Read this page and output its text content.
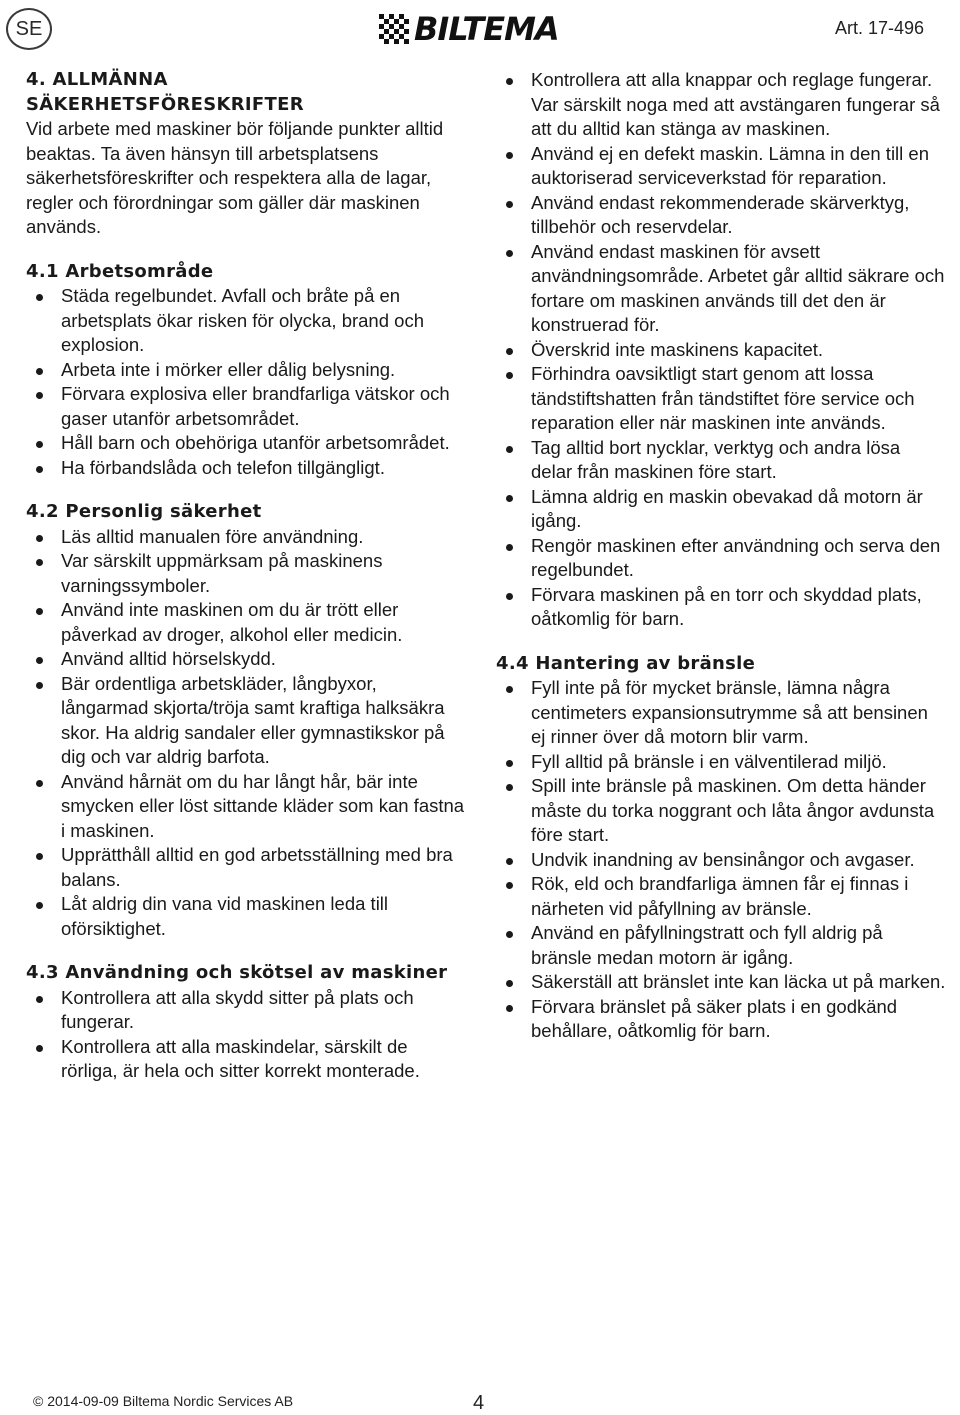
SE	BILTEMA	Art. 17-496
4. ALLMÄNNA
SÄKERHETSFÖRESKRIFTER

Vid arbete med maskiner bör följande punkter alltid beaktas. Ta även hänsyn till arbetsplatsens säkerhetsföreskrifter och respektera alla de lagar, regler och förordningar som gäller där maskinen används.

4.1 Arbetsområde
Städa regelbundet. Avfall och bråte på en arbetsplats ökar risken för olycka, brand och explosion.
Arbeta inte i mörker eller dålig belysning.
Förvara explosiva eller brandfarliga vätskor och gaser utanför arbetsområdet.
Håll barn och obehöriga utanför arbetsområdet.
Ha förbandslåda och telefon tillgängligt.
4.2 Personlig säkerhet
Läs alltid manualen före användning.
Var särskilt uppmärksam på maskinens varningssymboler.
Använd inte maskinen om du är trött eller påverkad av droger, alkohol eller medicin.
Använd alltid hörselskydd.
Bär ordentliga arbetskläder, långbyxor, långarmad skjorta/tröja samt kraftiga halksäkra skor. Ha aldrig sandaler eller gymnastikskor på dig och var aldrig barfota.
Använd hårnät om du har långt hår, bär inte smycken eller löst sittande kläder som kan fastna i maskinen.
Upprätthåll alltid en god arbetsställning med bra balans.
Låt aldrig din vana vid maskinen leda till oförsiktighet.
4.3 Användning och skötsel av maskiner
Kontrollera att alla skydd sitter på plats och fungerar.
Kontrollera att alla maskindelar, särskilt de rörliga, är hela och sitter korrekt monterade.
Kontrollera att alla knappar och reglage fungerar. Var särskilt noga med att avstängaren fungerar så att du alltid kan stänga av maskinen.
Använd ej en defekt maskin. Lämna in den till en auktoriserad serviceverkstad för reparation.
Använd endast rekommenderade skärverktyg, tillbehör och reservdelar.
Använd endast maskinen för avsett användningsområde. Arbetet går alltid säkrare och fortare om maskinen används till det den är konstruerad för.
Överskrid inte maskinens kapacitet.
Förhindra oavsiktligt start genom att lossa tändstiftshatten från tändstiftet före service och reparation eller när maskinen inte används.
Tag alltid bort nycklar, verktyg och andra lösa delar från maskinen före start.
Lämna aldrig en maskin obevakad då motorn är igång.
Rengör maskinen efter användning och serva den regelbundet.
Förvara maskinen på en torr och skyddad plats, oåtkomlig för barn.
4.4 Hantering av bränsle
Fyll inte på för mycket bränsle, lämna några centimeters expansionsutrymme så att bensinen ej rinner över då motorn blir varm.
Fyll alltid på bränsle i en välventilerad miljö.
Spill inte bränsle på maskinen. Om detta händer måste du torka noggrant och låta ångor avdunsta före start.
Undvik inandning av bensinångor och avgaser.
Rök, eld och brandfarliga ämnen får ej finnas i närheten vid påfyllning av bränsle.
Använd en påfyllningstratt och fyll aldrig på bränsle medan motorn är igång.
Säkerställ att bränslet inte kan läcka ut på marken.
Förvara bränslet på säker plats i en godkänd behållare, oåtkomlig för barn.
© 2014-09-09 Biltema Nordic Services AB	4
